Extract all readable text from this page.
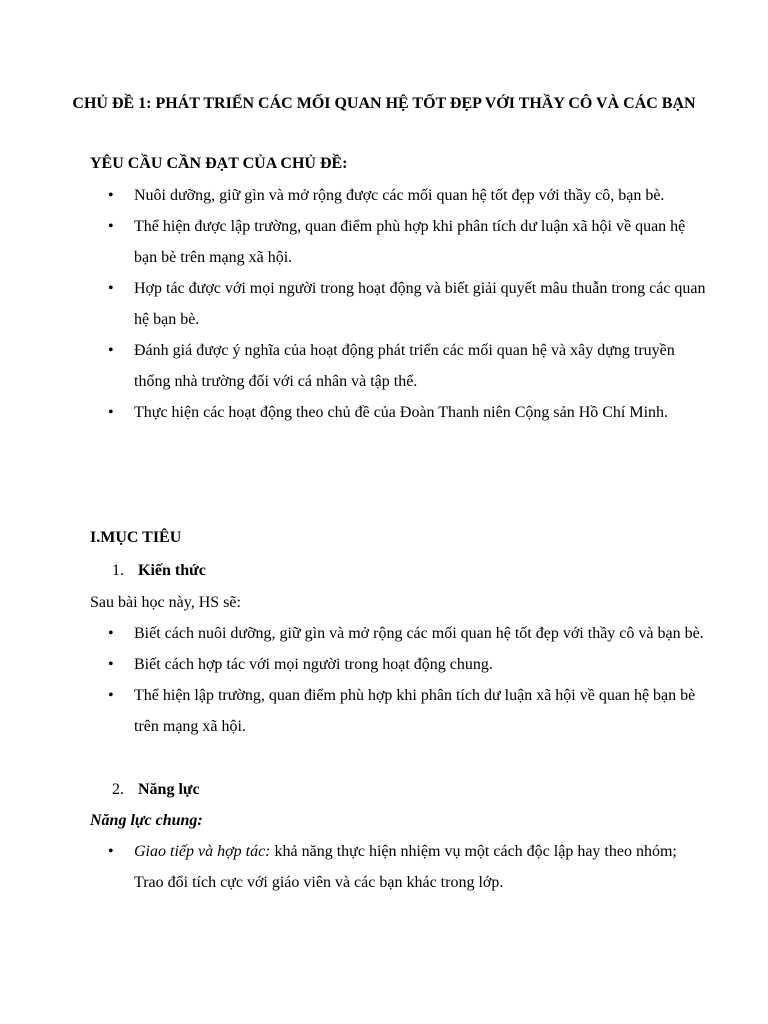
CHỦ ĐỀ 1: PHÁT TRIỂN CÁC MỐI QUAN HỆ TỐT ĐẸP VỚI THẦY CÔ VÀ CÁC BẠN
YÊU CẦU CẦN ĐẠT CỦA CHỦ ĐỀ:
• Nuôi dưỡng, giữ gìn và mở rộng được các mối quan hệ tốt đẹp với thầy cô, bạn bè.
• Thể hiện được lập trường, quan điểm phù hợp khi phân tích dư luận xã hội về quan hệ bạn bè trên mạng xã hội.
• Hợp tác được với mọi người trong hoạt động và biết giải quyết mâu thuẫn trong các quan hệ bạn bè.
• Đánh giá được ý nghĩa của hoạt động phát triển các mối quan hệ và xây dựng truyền thống nhà trường đối với cá nhân và tập thể.
• Thực hiện các hoạt động theo chủ đề của Đoàn Thanh niên Cộng sản Hồ Chí Minh.
I.MỤC TIÊU
1. Kiến thức
Sau bài học này, HS sẽ:
• Biết cách nuôi dưỡng, giữ gìn và mở rộng các mối quan hệ tốt đẹp với thầy cô và bạn bè.
• Biết cách hợp tác với mọi người trong hoạt động chung.
• Thể hiện lập trường, quan điểm phù hợp khi phân tích dư luận xã hội về quan hệ bạn bè trên mạng xã hội.
2. Năng lực
Năng lực chung:
• Giao tiếp và hợp tác: khả năng thực hiện nhiệm vụ một cách độc lập hay theo nhóm; Trao đổi tích cực với giáo viên và các bạn khác trong lớp.
